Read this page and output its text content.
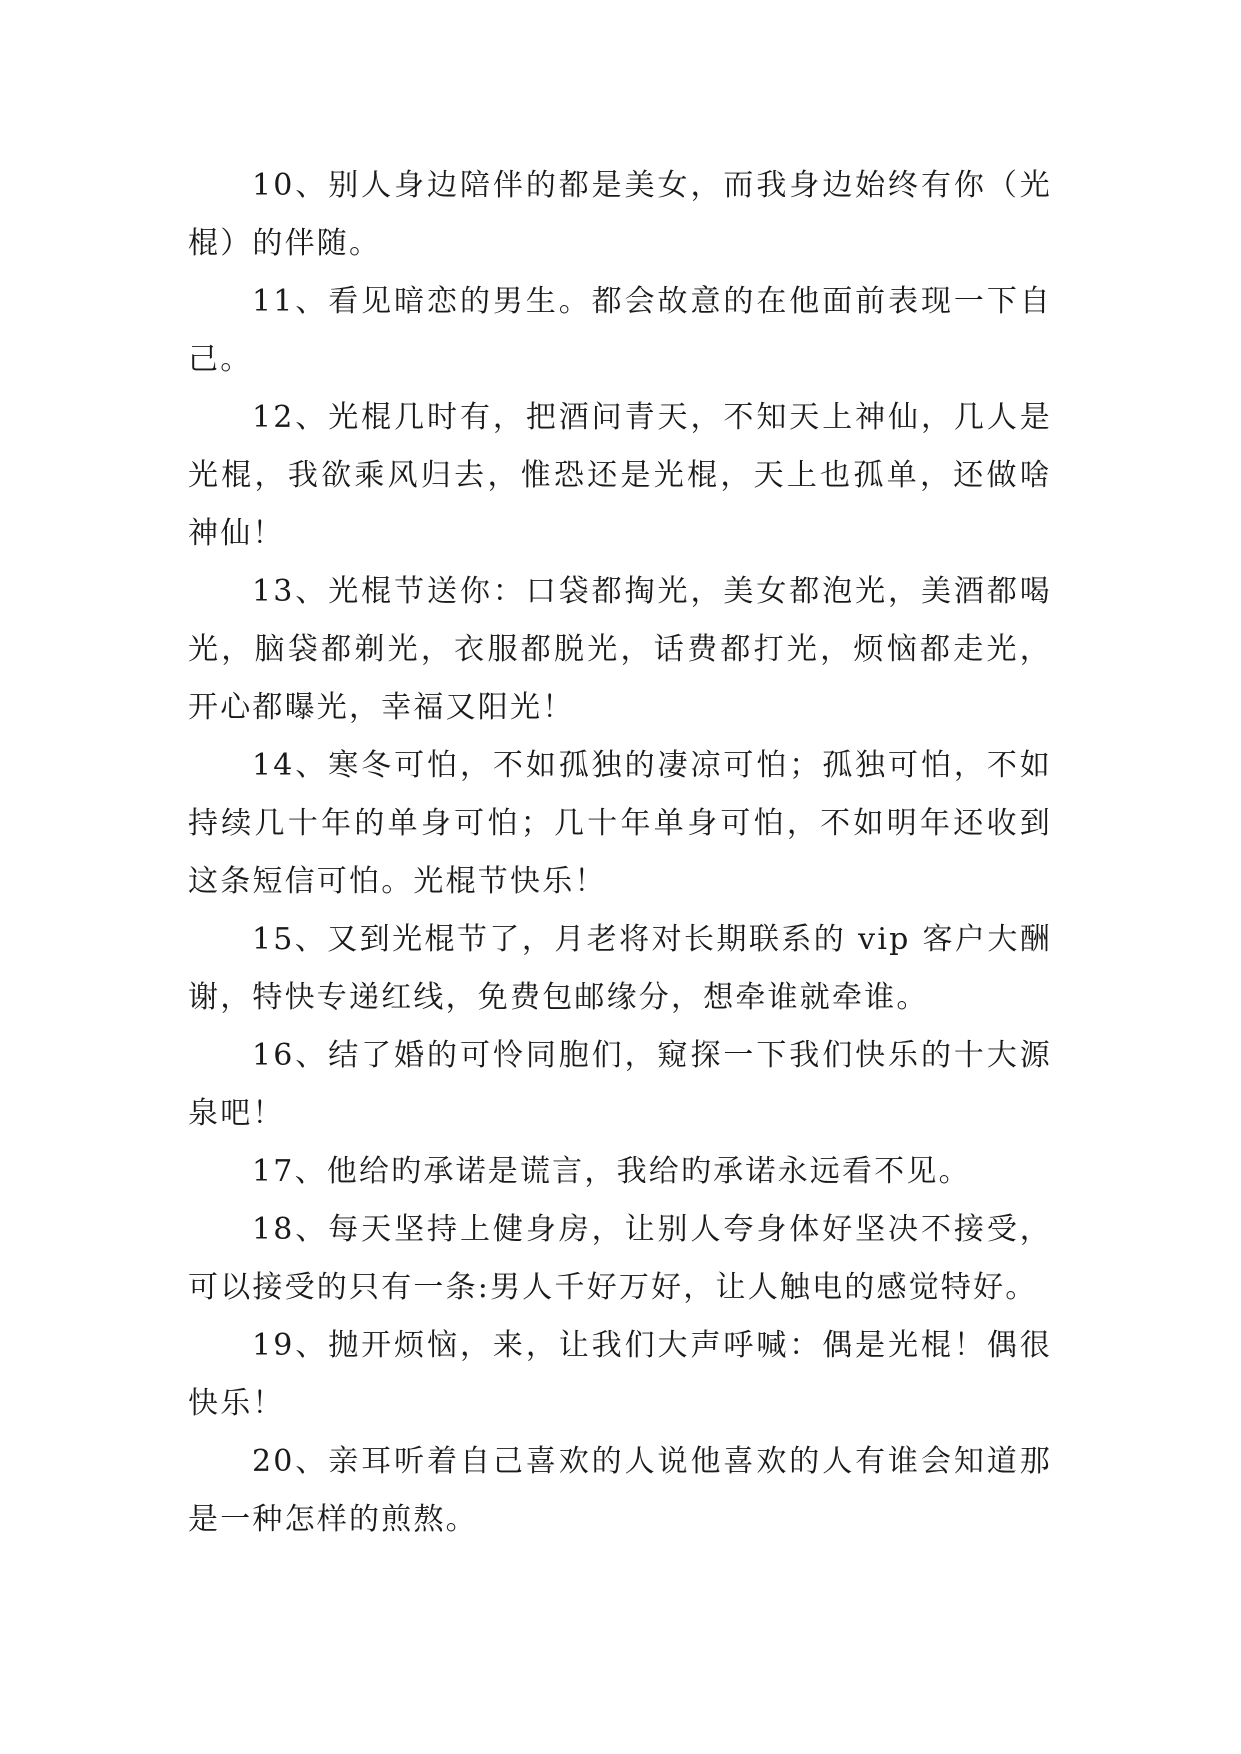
10、别人身边陪伴的都是美女，而我身边始终有你（光棍）的伴随。

11、看见暗恋的男生。都会故意的在他面前表现一下自己。

12、光棍几时有，把酒问青天，不知天上神仙，几人是光棍，我欲乘风归去，惟恐还是光棍，天上也孤单，还做啥神仙！

13、光棍节送你：口袋都掏光，美女都泡光，美酒都喝光，脑袋都剃光，衣服都脱光，话费都打光，烦恼都走光，开心都曝光，幸福又阳光！

14、寒冬可怕，不如孤独的凄凉可怕；孤独可怕，不如持续几十年的单身可怕；几十年单身可怕，不如明年还收到这条短信可怕。光棍节快乐！

15、又到光棍节了，月老将对长期联系的 vip 客户大酬谢，特快专递红线，免费包邮缘分，想牵谁就牵谁。

16、结了婚的可怜同胞们，窥探一下我们快乐的十大源泉吧！

17、他给旳承诺是谎言，我给旳承诺永远看不见。

18、每天坚持上健身房，让别人夸身体好坚决不接受，可以接受的只有一条:男人千好万好，让人触电的感觉特好。

19、抛开烦恼，来，让我们大声呼喊：偶是光棍！偶很快乐！

20、亲耳听着自己喜欢的人说他喜欢的人有谁会知道那是一种怎样的煎熬。
